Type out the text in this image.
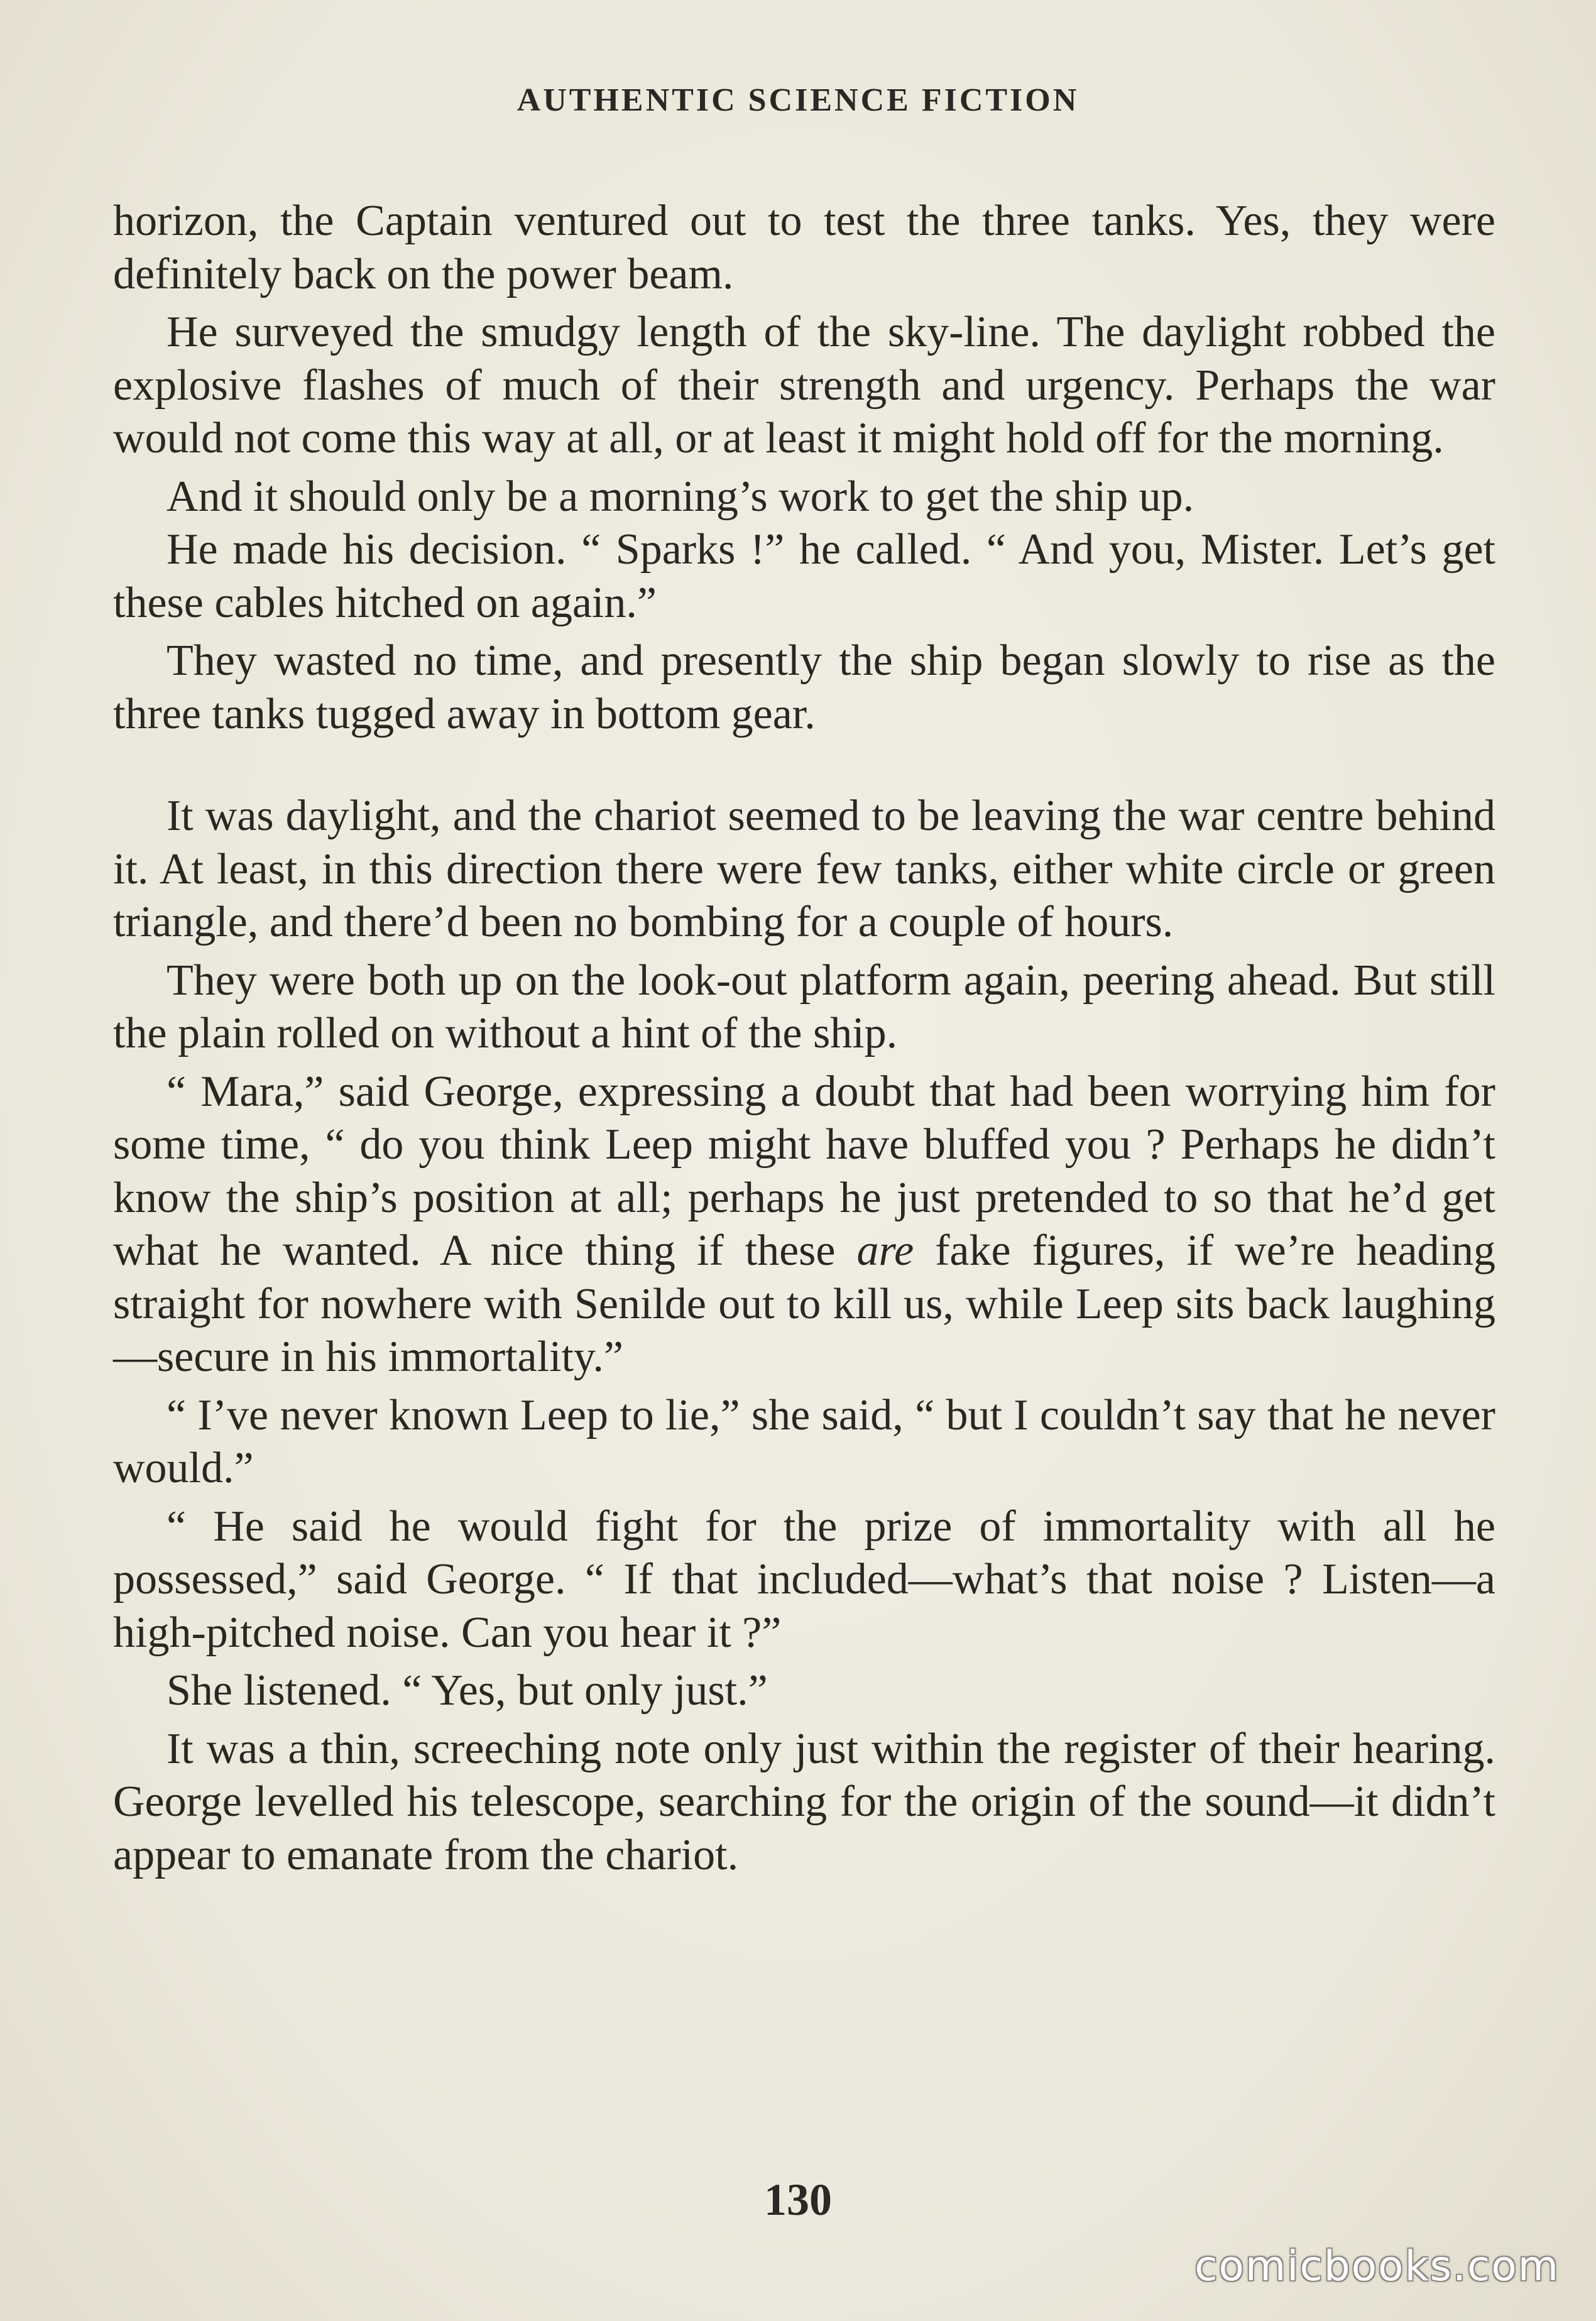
AUTHENTIC SCIENCE FICTION

horizon, the Captain ventured out to test the three tanks. Yes, they were definitely back on the power beam.

He surveyed the smudgy length of the sky-line. The daylight robbed the explosive flashes of much of their strength and urgency. Perhaps the war would not come this way at all, or at least it might hold off for the morning.

And it should only be a morning’s work to get the ship up.

He made his decision. “ Sparks !” he called. “ And you, Mister. Let’s get these cables hitched on again.”

They wasted no time, and presently the ship began slowly to rise as the three tanks tugged away in bottom gear.

It was daylight, and the chariot seemed to be leaving the war centre behind it. At least, in this direction there were few tanks, either white circle or green triangle, and there’d been no bombing for a couple of hours.

They were both up on the look-out platform again, peering ahead. But still the plain rolled on without a hint of the ship.

“ Mara,” said George, expressing a doubt that had been worrying him for some time, “ do you think Leep might have bluffed you ? Perhaps he didn’t know the ship’s position at all; perhaps he just pretended to so that he’d get what he wanted. A nice thing if these are fake figures, if we’re heading straight for nowhere with Senilde out to kill us, while Leep sits back laughing—secure in his immortality.”

“ I’ve never known Leep to lie,” she said, “ but I couldn’t say that he never would.”

“ He said he would fight for the prize of immortality with all he possessed,” said George. “ If that included—what’s that noise ? Listen—a high-pitched noise. Can you hear it ?”

She listened. “ Yes, but only just.”

It was a thin, screeching note only just within the register of their hearing. George levelled his telescope, searching for the origin of the sound—it didn’t appear to emanate from the chariot.

130
comicbooks.com
